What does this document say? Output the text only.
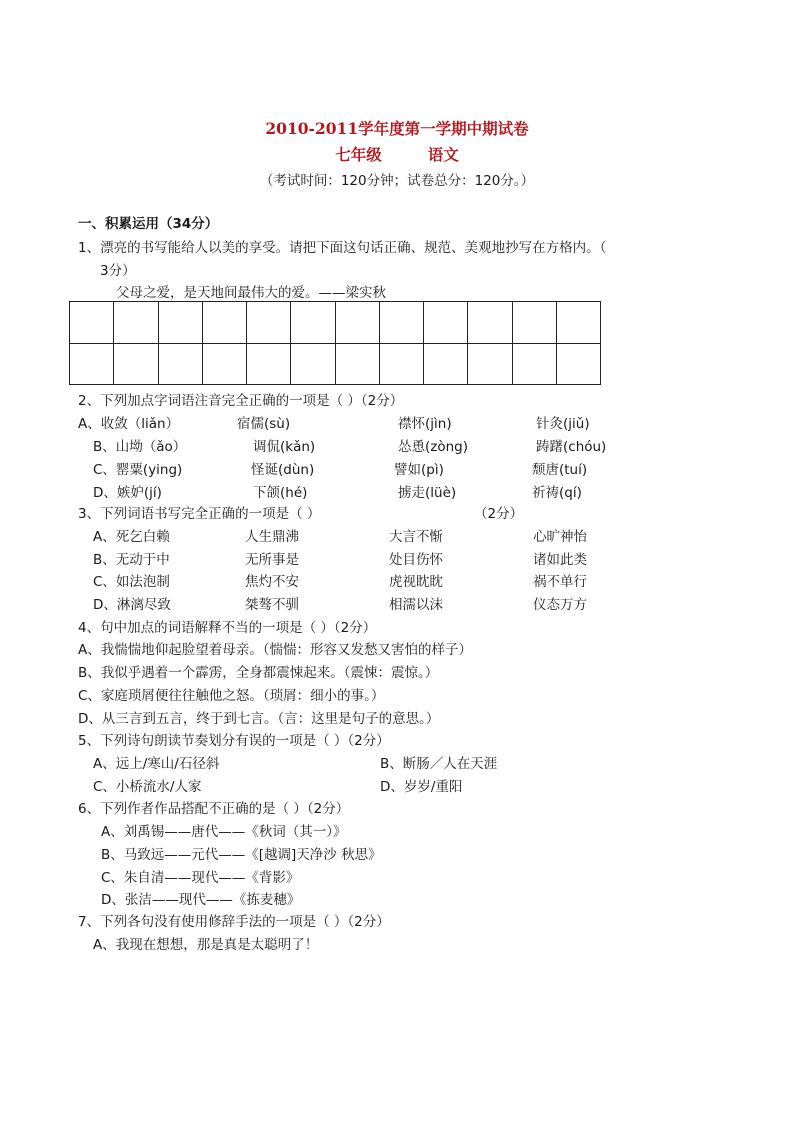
2010-2011学年度第一学期中期试卷
七年级	语文
（考试时间：120分钟；试卷总分：120分。）
一、积累运用（34分）
1、漂亮的书写能给人以美的享受。请把下面这句话正确、规范、美观地抄写在方格内。（
3分）
父母之爱，是天地间最伟大的爱。——梁实秋

2、下列加点字词语注音完全正确的一项是（ ）（2分）
A、收敛（liǎn）	宿儒(sù)	襟怀(jìn)	针灸(jiǔ)
B、山坳（ǎo）	调侃(kǎn)	怂恿(zòng)	踌躇(chóu)
C、罂粟(ying)	怪诞(dùn)	譬如(pì)	颓唐(tuí)
D、嫉妒(jí)	下颌(hé)	掳走(lüè)	祈祷(qí)
3、下列词语书写完全正确的一项是（ ）	（2分）
A、死乞白赖	人生鼎沸	大言不惭	心旷神怡
B、无动于中	无所事是	处目伤怀	诸如此类
C、如法泡制	焦灼不安	虎视眈眈	祸不单行
D、淋漓尽致	桀骜不驯	相濡以沫	仪态万方
4、句中加点的词语解释不当的一项是（ ）（2分）
A、我惴惴地仰起脸望着母亲。（惴惴：形容又发愁又害怕的样子）
B、我似乎遇着一个霹雳，全身都震悚起来。（震悚：震惊。）
C、家庭琐屑便往往触他之怒。（琐屑：细小的事。）
D、从三言到五言，终于到七言。（言：这里是句子的意思。）
5、下列诗句朗读节奏划分有误的一项是（ ）（2分）
A、远上/寒山/石径斜	B、断肠／人在天涯
C、小桥流水/人家	D、岁岁/重阳
6、下列作者作品搭配不正确的是（ ）（2分）
A、刘禹锡——唐代——《秋词（其一）》
B、马致远——元代——《[越调]天净沙 秋思》
C、朱自清——现代——《背影》
D、张洁——现代——《拣麦穗》
7、下列各句没有使用修辞手法的一项是（ ）（2分）
A、我现在想想，那是真是太聪明了！
